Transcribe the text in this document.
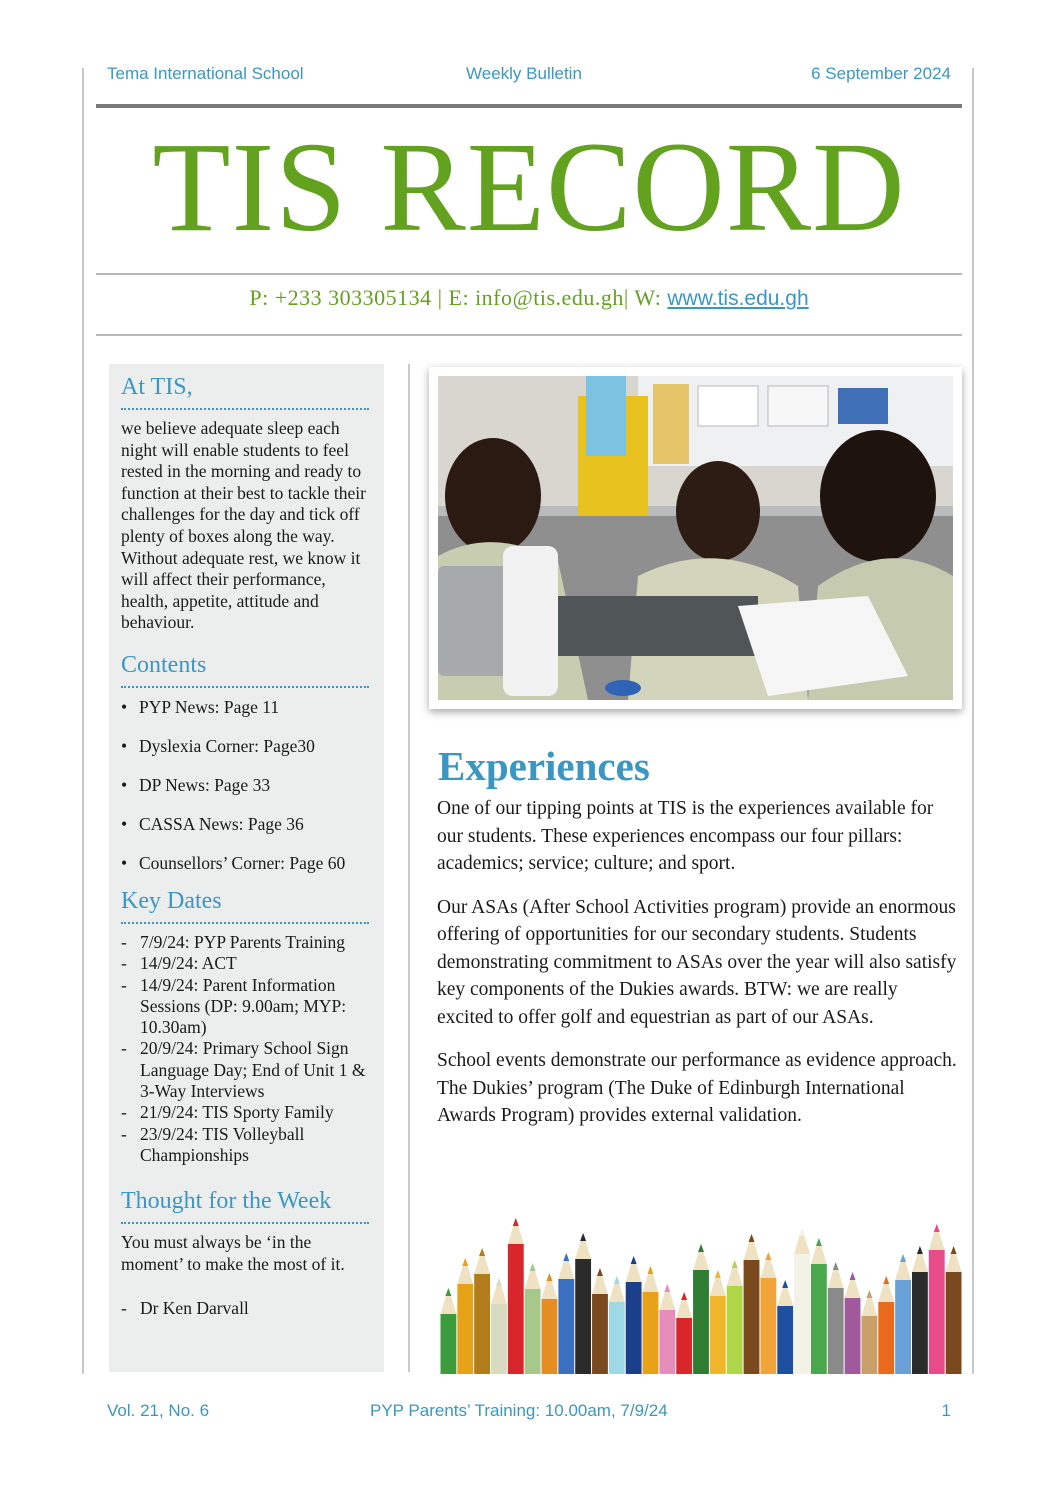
Tema International School	Weekly Bulletin	6 September 2024
TIS RECORD
P: +233 303305134 | E: info@tis.edu.gh| W: www.tis.edu.gh
At TIS,
we believe adequate sleep each night will enable students to feel rested in the morning and ready to function at their best to tackle their challenges for the day and tick off plenty of boxes along the way. Without adequate rest, we know it will affect their performance, health, appetite, attitude and behaviour.
Contents
• PYP News: Page 11
• Dyslexia Corner: Page30
• DP News: Page 33
• CASSA News: Page 36
• Counsellors’ Corner: Page 60
Key Dates
- 7/9/24: PYP Parents Training
- 14/9/24: ACT
- 14/9/24: Parent Information Sessions (DP: 9.00am; MYP: 10.30am)
- 20/9/24: Primary School Sign Language Day; End of Unit 1 & 3-Way Interviews
- 21/9/24: TIS Sporty Family
- 23/9/24: TIS Volleyball Championships
Thought for the Week
You must always be ‘in the moment’ to make the most of it.
-   Dr Ken Darvall
Experiences

One of our tipping points at TIS is the experiences available for our students. These experiences encompass our four pillars: academics; service; culture; and sport.

Our ASAs (After School Activities program) provide an enormous offering of opportunities for our secondary students. Students demonstrating commitment to ASAs over the year will also satisfy key components of the Dukies awards. BTW: we are really excited to offer golf and equestrian as part of our ASAs.

School events demonstrate our performance as evidence approach. The Dukies’ program (The Duke of Edinburgh International Awards Program) provides external validation.

Vol. 21, No. 6	PYP Parents’ Training: 10.00am, 7/9/24	1
